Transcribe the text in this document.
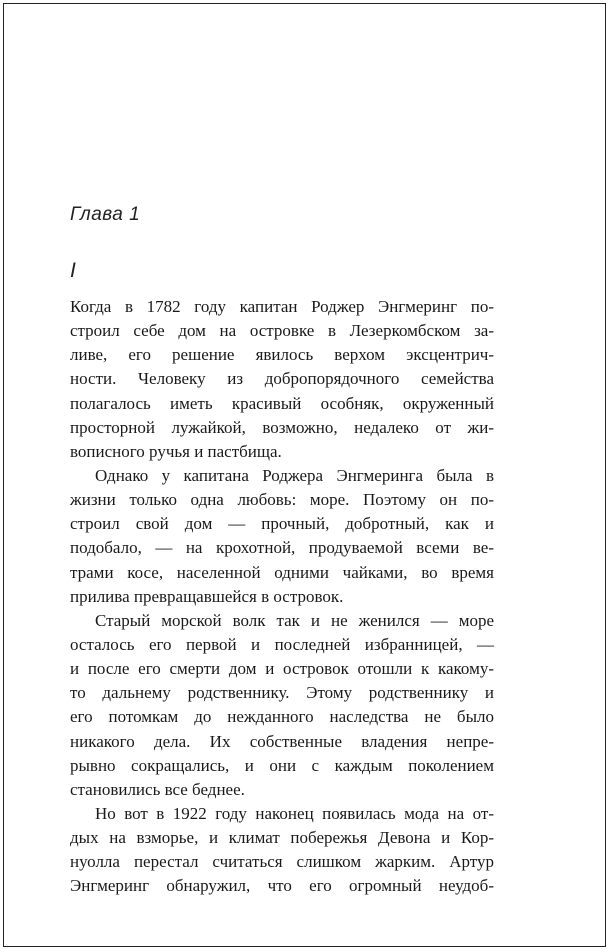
Глава 1
I
Когда в 1782 году капитан Роджер Энгмеринг по-
строил себе дом на островке в Лезеркомбском за-
ливе, его решение явилось верхом эксцентрич-
ности. Человеку из добропорядочного семейства
полагалось иметь красивый особняк, окруженный
просторной лужайкой, возможно, недалеко от жи-
вописного ручья и пастбища.
Однако у капитана Роджера Энгмеринга была в
жизни только одна любовь: море. Поэтому он по-
строил свой дом — прочный, добротный, как и
подобало, — на крохотной, продуваемой всеми ве-
трами косе, населенной одними чайками, во время
прилива превращавшейся в островок.
Старый морской волк так и не женился — море
осталось его первой и последней избранницей, —
и после его смерти дом и островок отошли к какому-
то дальнему родственнику. Этому родственнику и
его потомкам до нежданного наследства не было
никакого дела. Их собственные владения непре-
рывно сокращались, и они с каждым поколением
становились все беднее.
Но вот в 1922 году наконец появилась мода на от-
дых на взморье, и климат побережья Девона и Кор-
нуолла перестал считаться слишком жарким. Артур
Энгмеринг обнаружил, что его огромный неудоб-
